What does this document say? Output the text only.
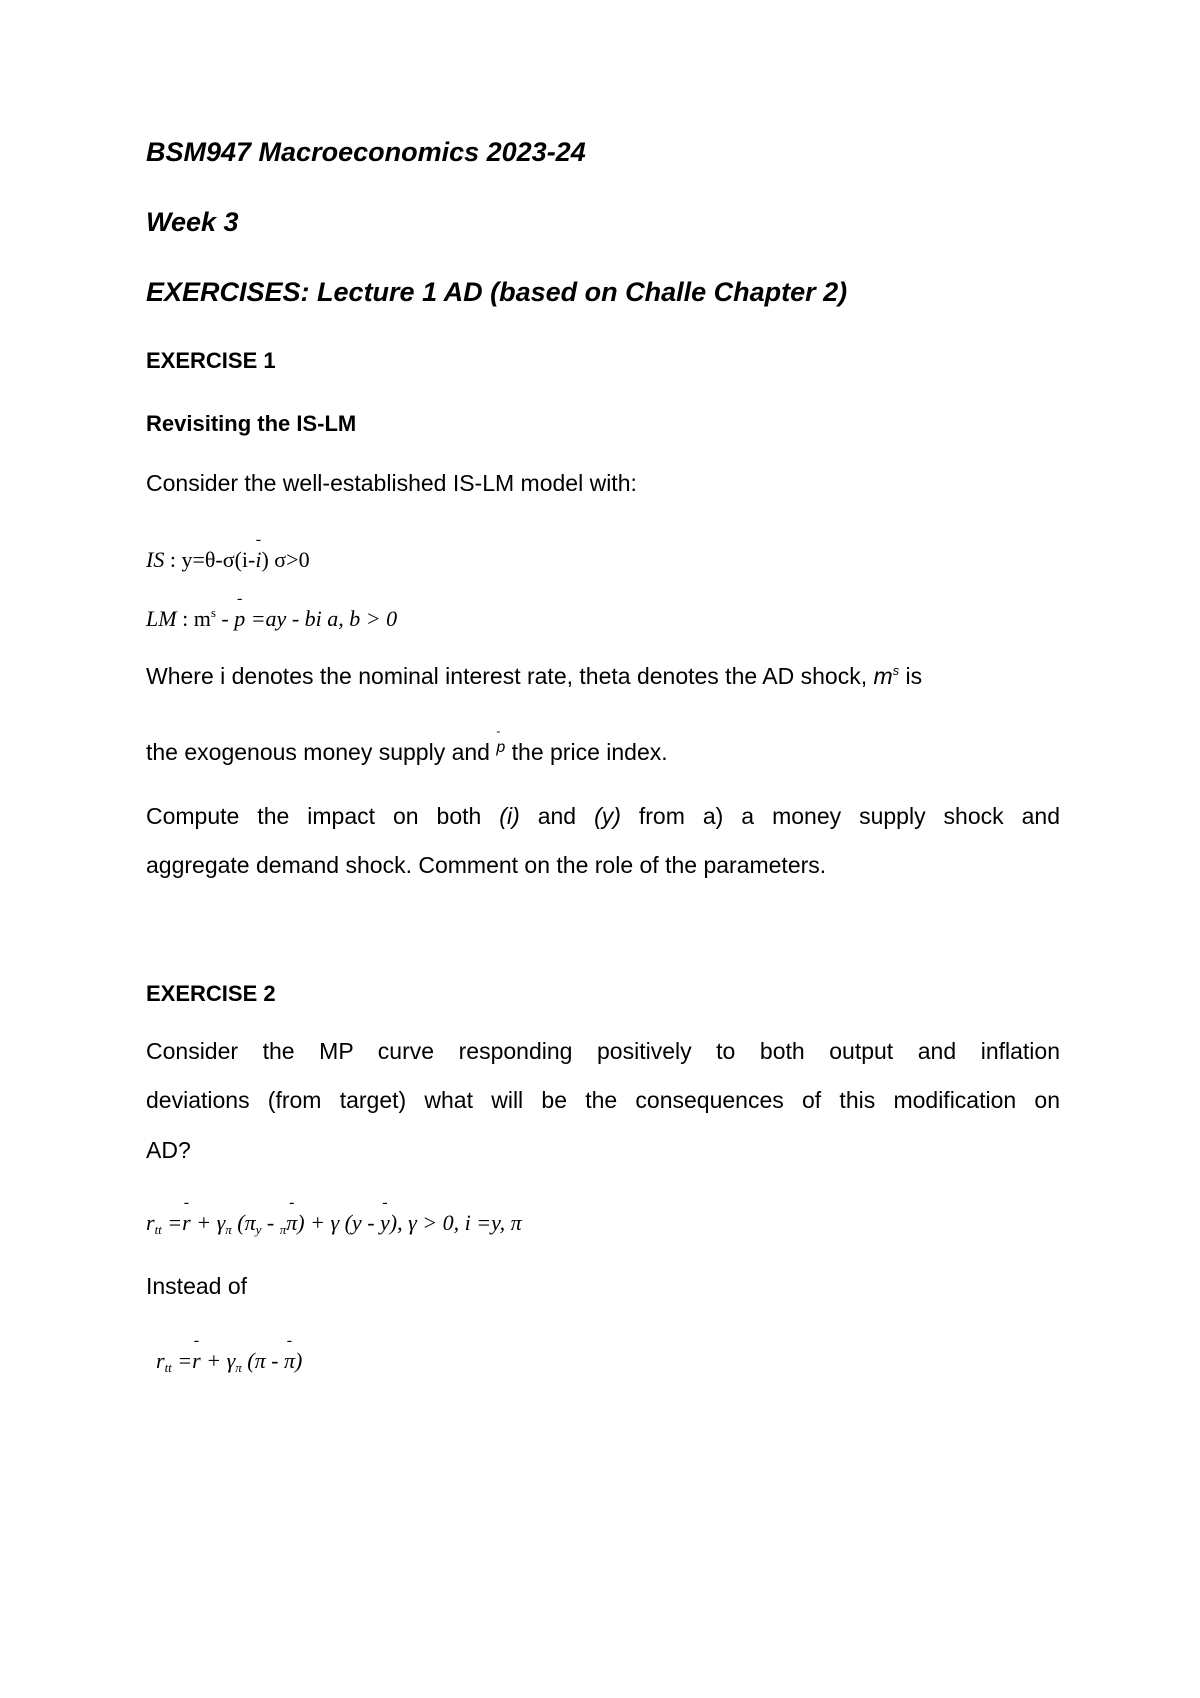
BSM947 Macroeconomics 2023-24
Week 3
EXERCISES: Lecture 1 AD (based on Challe Chapter 2)
EXERCISE 1
Revisiting the IS-LM
Consider the well-established IS-LM model with:
IS : y=θ-σ(i-- i) σ>0
LM : $m^s$ - - p =ay - bi a, b > 0
Where i denotes the nominal interest rate, theta denotes the AD shock, $m^s$ is
the exogenous money supply and - p the price index.
Compute the impact on both (i) and (y) from a) a money supply shock and
aggregate demand shock. Comment on the role of the parameters.
EXERCISE 2
Consider the MP curve responding positively to both output and inflation
deviations (from target) what will be the consequences of this modification on
AD?
$r_{tt} =- r + \gamma_\pi$ ($\pi_y - _\pi-$ π) + γ (y - - y), γ > 0, i =y, π
Instead of
$r_{tt} =- r + \gamma_\pi$ (π - - π)
